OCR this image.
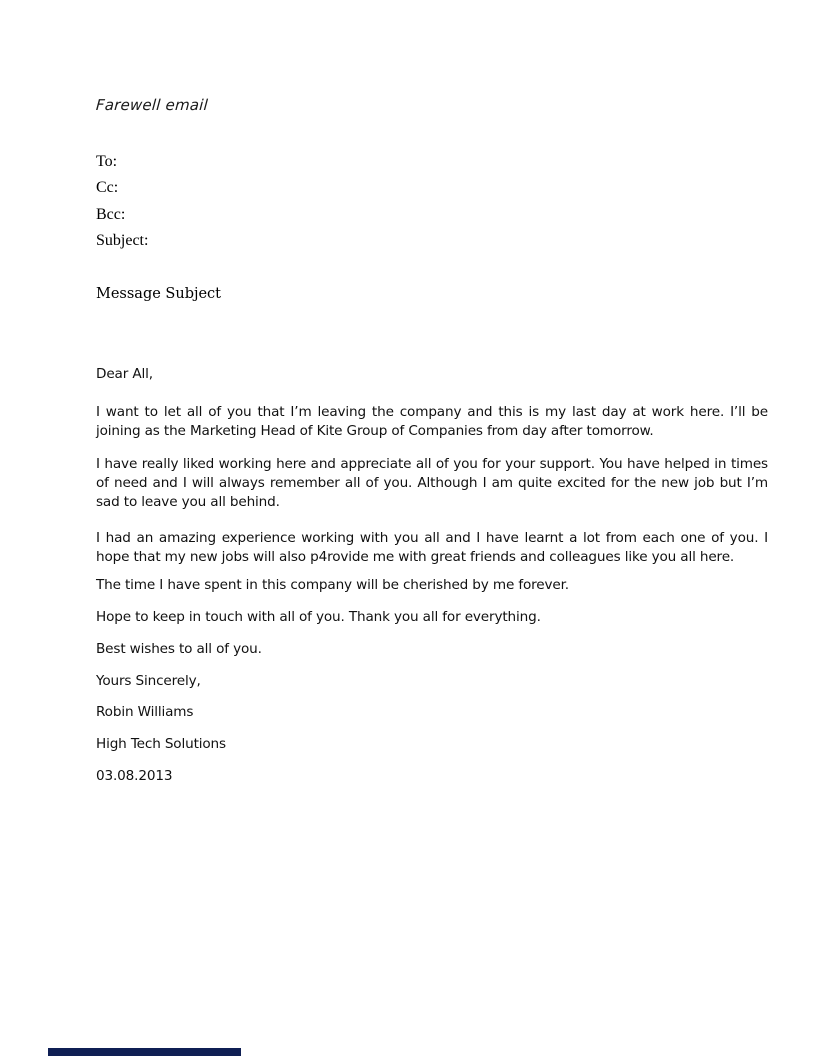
Farewell email
To:
Cc:
Bcc:
Subject:
Message Subject
Dear All,
I want to let all of you that I’m leaving the company and this is my last day at work here. I’ll be joining as the Marketing Head of Kite Group of Companies from day after tomorrow.
I have really liked working here and appreciate all of you for your support. You have helped in times of need and I will always remember all of you. Although I am quite excited for the new job but I’m sad to leave you all behind.
I had an amazing experience working with you all and I have learnt a lot from each one of you. I hope that my new jobs will also p4rovide me with great friends and colleagues like you all here.
The time I have spent in this company will be cherished by me forever.
Hope to keep in touch with all of you. Thank you all for everything.
Best wishes to all of you.
Yours Sincerely,
Robin Williams
High Tech Solutions
03.08.2013
